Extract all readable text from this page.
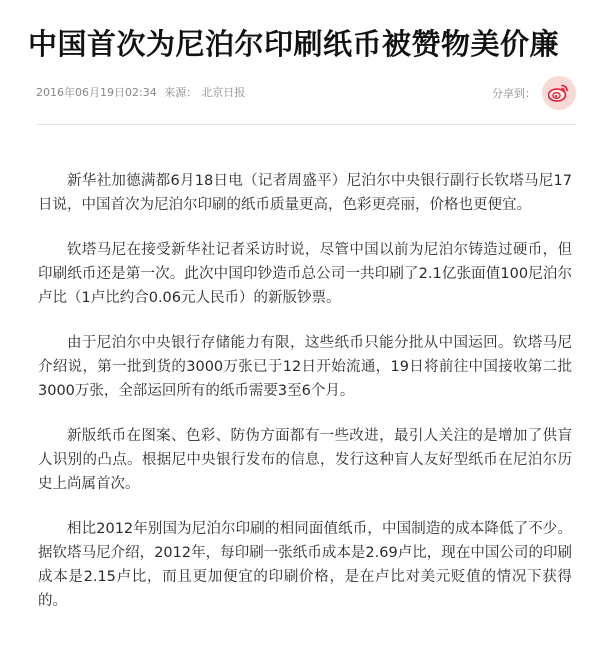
中国首次为尼泊尔印刷纸币被赞物美价廉
2016年06月19日02:34 来源： 北京日报	分享到：

新华社加德满都6月18日电（记者周盛平）尼泊尔中央银行副行长钦塔马尼17日说，中国首次为尼泊尔印刷的纸币质量更高，色彩更亮丽，价格也更便宜。

钦塔马尼在接受新华社记者采访时说，尽管中国以前为尼泊尔铸造过硬币，但印刷纸币还是第一次。此次中国印钞造币总公司一共印刷了2.1亿张面值100尼泊尔卢比（1卢比约合0.06元人民币）的新版钞票。

由于尼泊尔中央银行存储能力有限，这些纸币只能分批从中国运回。钦塔马尼介绍说，第一批到货的3000万张已于12日开始流通，19日将前往中国接收第二批3000万张，全部运回所有的纸币需要3至6个月。

新版纸币在图案、色彩、防伪方面都有一些改进，最引人关注的是增加了供盲人识别的凸点。根据尼中央银行发布的信息，发行这种盲人友好型纸币在尼泊尔历史上尚属首次。

相比2012年别国为尼泊尔印刷的相同面值纸币，中国制造的成本降低了不少。据钦塔马尼介绍，2012年，每印刷一张纸币成本是2.69卢比，现在中国公司的印刷成本是2.15卢比，而且更加便宜的印刷价格，是在卢比对美元贬值的情况下获得的。
